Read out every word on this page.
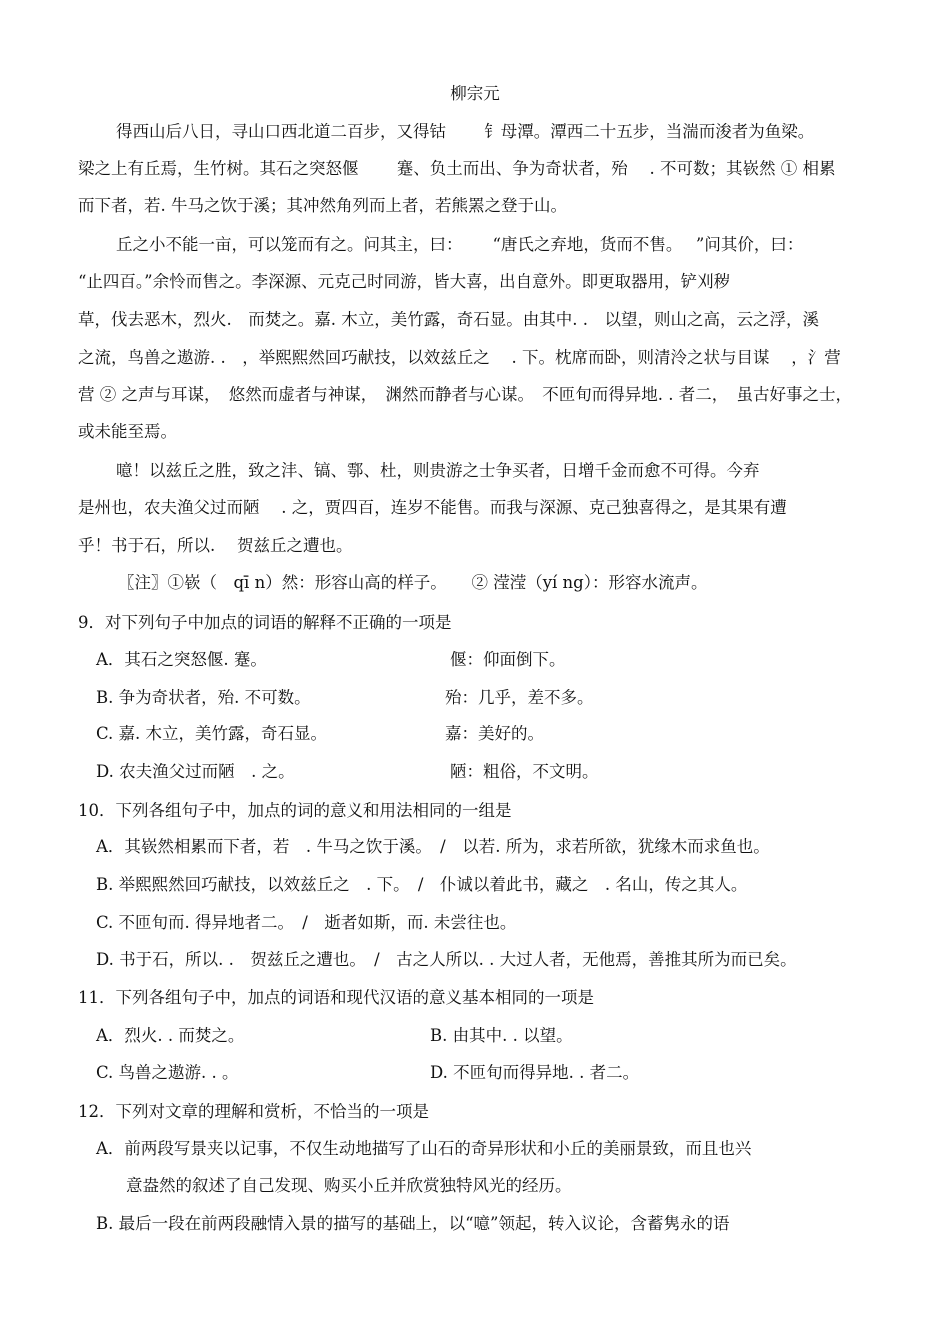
柳宗元
得西山后八日，寻山口西北道二百步，又得钴　　 钅母潭。潭西二十五步，当湍而浚者为鱼梁。
梁之上有丘焉，生竹树。其石之突怒偃　　 蹇、负土而出、争为奇状者，殆　 . 不可数；其嵚然 ① 相累
而下者，若. 牛马之饮于溪；其冲然角列而上者，若熊罴之登于山。
丘之小不能一亩，可以笼而有之。问其主，曰：　　 “唐氏之弃地，货而不售。　 ”问其价，曰：
“止四百。”余怜而售之。李深源、元克己时同游，皆大喜，出自意外。即更取器用，铲刈秽
草，伐去恶木，烈火.　而焚之。嘉. 木立，美竹露，奇石显。由其中. .　以望，则山之高，云之浮，溪
之流，鸟兽之遨游. .　，举熙熙然回巧献技，以效兹丘之　 . 下。枕席而卧，则清泠之状与目谋　 ，氵营
营 ② 之声与耳谋，　悠然而虚者与神谋，　渊然而静者与心谋。　不匝旬而得异地. . 者二，　虽古好事之士，
或未能至焉。
噫！以兹丘之胜，致之沣、镐、鄠、杜，则贵游之士争买者，日增千金而愈不可得。今弃
是州也，农夫渔父过而陋　 . 之，贾四百，连岁不能售。而我与深源、克己独喜得之，是其果有遭
乎！书于石，所以. 　贺兹丘之遭也。
〖注〗①嵚（　qī n）然：形容山高的样子。　　② 滢滢（yí ng）：形容水流声。
9．对下列句子中加点的词语的解释不正确的一项是
A．其石之突怒偃. 蹇。	偃：仰面倒下。
B. 争为奇状者，殆. 不可数。	殆：几乎，差不多。
C. 嘉. 木立，美竹露，奇石显。	嘉：美好的。
D. 农夫渔父过而陋　. 之。	陋：粗俗，不文明。
10．下列各组句子中，加点的词的意义和用法相同的一组是
A．其嵚然相累而下者，若　. 牛马之饮于溪。　/　以若. 所为，求若所欲，犹缘木而求鱼也。
B. 举熙熙然回巧献技，以效兹丘之　. 下。　/　仆诚以着此书，藏之　. 名山，传之其人。
C. 不匝旬而. 得异地者二。　/　逝者如斯，而. 未尝往也。
D. 书于石，所以. .　贺兹丘之遭也。　/　古之人所以. . 大过人者，无他焉，善推其所为而已矣。
11．下列各组句子中，加点的词语和现代汉语的意义基本相同的一项是
A．烈火. . 而焚之。	B. 由其中. . 以望。
C. 鸟兽之遨游. . 。	D. 不匝旬而得异地. . 者二。
12．下列对文章的理解和赏析，不恰当的一项是
A．前两段写景夹以记事，不仅生动地描写了山石的奇异形状和小丘的美丽景致，而且也兴
意盎然的叙述了自己发现、购买小丘并欣赏独特风光的经历。
B. 最后一段在前两段融情入景的描写的基础上，以“噫”领起，转入议论，含蓄隽永的语
